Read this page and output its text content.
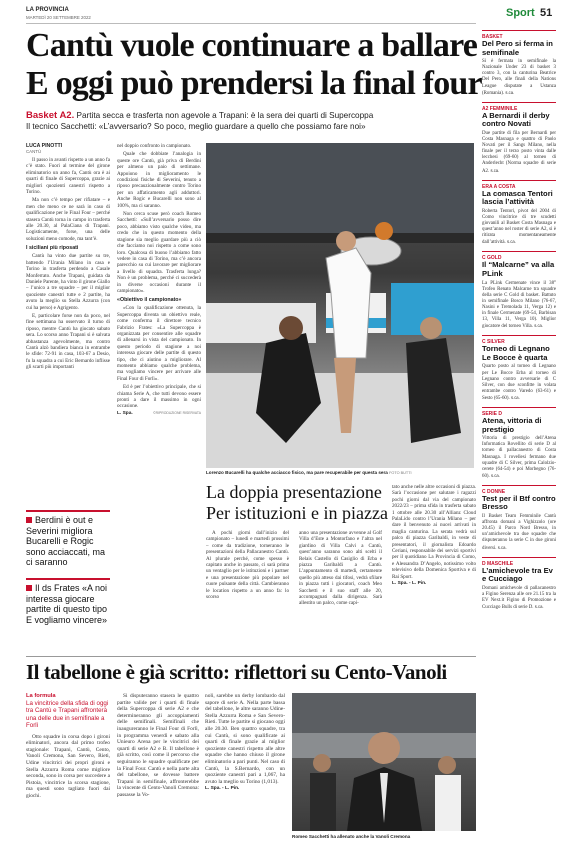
LA PROVINCIA
MARTEDÌ 20 SETTEMBRE 2022	Sport 51
Cantù vuole continuare a ballare
E oggi può prendersi la final four
Basket A2. Partita secca e trasferta non agevole a Trapani: è la sera dei quarti di Supercoppa
Il tecnico Sacchetti: «L’avversario? So poco, meglio guardare a quello che possiamo fare noi»
LUCA PINOTTI
CANTÙ

Il passo in avanti rispetto a un anno fa c’è stato. Fuori al termine del girone eliminatorio un anno fa, Cantù ora è ai quarti di finale di Supercoppa, grazie ai migliori quozienti canestri rispetto a Torino.

Ma non c’è tempo per rifiatare – e men che meno ce ne sarà in caso di qualificazione per le Final Four – perché stasera Cantù torna in campo in trasferta alle 20.30, al PalaCiana di Trapani. Logisticamente, forse, una delle soluzioni meno comode, ma tant’è.

I siciliani più riposati

Cantù ha vinto due partite su tre, battendo l’Urania Milano in casa e Torino in trasferta perdendo a Casale Monferrato. Anche Trapani, guidata da Daniele Parente, ha vinto il girone Giallo – l’unico a tre squadre – per il miglior quoziente canestri tutte e 2 partite, ha avuto la meglio su Stella Azzurra (con cui ha perso) e Agrigento.

E, particolare forse non da poco, nel fine settimana ha osservato il turno di riposo, mentre Cantù ha giocato sabato sera. Lo scorso anno Trapani si è salvata abbastanza agevolmente, ma contro Cantù alzò bandiera bianca in entrambe le sfide: 72-91 in casa, 103-67 a Desio, fu la squadra a cui Eric Bernardo inflisse gli scarti più importanti

Berdini è out e Severini migliora Bucarelli e Rogic sono acciaccati, ma ci saranno
Il ds Frates «A noi interessa giocare partite di questo tipo E vogliamo vincere»

nel doppio confronto in campionato.

Quale che dobbiate l’analogia in queste ore Cantù, già priva di Berdini per almeno un paio di settimane. Appoiono in miglioramento le condizioni fisiche di Severini, tenuto a riposo precauzionalmente contro Torino per un affaticamento agli adduttori. Anche Rogic e Bucarelli non sono al 100%, ma ci saranno.

Non cerca scuse però coach Romeo Sacchetti: «Sull’avversario posso dire poco, abbiamo visto qualche video, ma credo che in questo momento della stagione sia meglio guardare più a ciò che facciamo noi rispetto a come sono loro. Qualcosa di buono l’abbiamo fatto vedere in casa di Torino, ma c’è ancora parecchio su cui lavorare per migliorare a livello di squadra. Trasferta lunga? Non è un problema, perché ci succederà in diverse occasioni durante il campionato».

«Obiettivo il campionato»

«Con la qualificazione ottenuta, la Supercoppa diventa un obiettivo reale, come conferma il direttore tecnico Fabrizio Frates: «La Supercoppa è organizzata per consentire alle squadre di allenarsi in vista del campionato. In questo periodo di stagione a noi interessa giocare delle partite di questo tipo, che ci aiutino a migliorare. Al momento abbiamo qualche problema, ma vogliamo vincere per arrivare alle Final Four di Forlì».

Ed è per l’obiettivo principale, che si chiama Serie A, che tutti devono essere pronti a dare il massimo in ogni occasione.

L. Spa.	©RIPRODUZIONE RISERVATA
Lorenzo Bucarelli ha qualche acciacco fisico, ma pare recuperabile per questa sera FOTO BUTTI
La doppia presentazione
Per istituzioni e in piazza

A pochi giorni dall’inizio del campionato – lunedì e martedì prossimi – come da tradizione, torneranno le presentazioni della Pallacanestro Cantù. Al plurale perché, come spesso è capitato anche in passato, ci sarà prima un ventaglio per le istituzioni e i partner e una presentazione più popolare nel cuore pulsante della città. Cambieranno le location rispetto a un anno fa: lo scorso

anno una presentazione avvenne al Golf Villa d’Este a Montorfano e l’altra nel giardino di Villa Calvi a Cantù, quest’anno saranno sono alti scelti il Relais Castello di Casiglio di Erba e piazza Garibaldi a Cantù. L’appuntamento di martedì, certamente quello più atteso dai tifosi, vedrà sfilare in piazza tutti i giocatori, coach Meo Sacchetti e il suo staff alle 20, accompagnati dalla dirigenza. Sarà allestito un palco, come capi-

tato anche nelle altre occasioni di piazza. Sarà l’occasione per salutare i ragazzi pochi giorni dal via del campionato 2022/23 – prima sfida in trasferta sabato 1 ottobre alle 20.30 all’Allianz Cloud PalaLido contro l’Urania Milano – per dare il benvenuto ai nuovi arrivati in maglia canturina. La serata vedrà sul palco di piazza Garibaldi, in veste di presentatori, il giornalista Edoardo Ceriani, responsabile dei servizi sportivi per il quotidiano La Provincia di Como, e Alessandra D’Angelo, notissimo volto televisivo della Domenica Sportiva e di Rai Sport.

L. Spa. - L. Pin.
Il tabellone è già scritto: riflettori su Cento-Vanoli
La formula
La vincitrice della sfida di oggi tra Cantù e Trapani affronterà una delle due in semifinale a Forlì

Otto squadre in corsa dopo i gironi eliminatori, ancora dal primo trofeo stagionale: Trapani, Cantù, Cento, Vanoli Cremona, San Severo, Rieti, Udine vincitrici dei propri gironi e Stella Azzurra Roma come migliore seconda, sono in corsa per succedere a Pistoia, vincitrice la scorsa stagione, ma questi sono tagliato fuori dai giochi.

Si disputeranno stasera le quattro partite valide per i quarti di finale della Supercoppa di serie A2 e che determineranno gli accoppiamenti delle semifinali. Semifinali che inaugureranno le Final Four di Forlì, in programma venerdì e sabato alla Unieuro Arena per le vincitrici dei quarti di serie A2 e B. Il tabellone è già scritto, così come il percorso che seguiranno le squadre qualificate per la Final Four. Cantù e nella parte alta del tabellone, se dovesse battere Trapani in semifinale, affronterebbe la vincente di Cento-Vanoli Cremona: passasse la Vo-

noli, sarebbe un derby lombardo dal sapore di serie A. Nella parte bassa del tabellone, le altre saranno Udine-Stella Azzurra Roma e San Severo-Rieti. Tutte le partite si giocano oggi alle 20.30. Ben quattro squadre, tra cui Cantù, si sono qualificate ai quarti di finale grazie al miglior quoziente canestri rispetto alle altre squadre che hanno chiuso il girone eliminatorio a pari punti. Nel caso di Cantù, la S.Bernardo, con un quoziente canestri pari a 1,067, ha avuto la meglio su Torino (1,013).

L. Spa. - L. Pin.
Romeo Sacchetti ha allenato anche la Vanoli Cremona
BASKET
Del Pero si ferma in semifinale

Si è fermata in semifinale la Nazionale Under 23 di basket 3 contro 3, con la canturina Beatrice Del Pero, alle finali della Nations League disputate a Ustanza (Romania). s.ca.

A2 FEMMINILE
A Bernardi il derby contro Novati

Due partite di fila per Bernardi per Costa Masnaga e quattro di Paolo Novati per il Sangs Milano, nella finale per il terzo posto vinta dalle lecchesi (69-60) al torneo di Anderlecht (Norma squadre di serie A2. s.ca.

ERA A COSTA
La comasca Tentori lascia l’attività

Roberta Tentori, pivot del 2004 di Como vincitrice di tre scudetti giovanili al Basket Costa Masnaga e quest’anno nel roster di serie A2, si è ritirata momentaneamente dall’attività. s.ca.

C GOLD
Il “Malcarne” va alla PLink

La PLink Cermenate vince il 38° Trofeo Renato Malcarne tra squadre della serie C Gold di basket. Battuto in semifinale Bosco Milano (76-67, Nasini e Tremolada 11, Verga 12) e in finale Cermenate (69-54, Barbisan 13, Villa 11, Verga 10). Miglior giocatore del torneo Villa. s.ca.

C SILVER
Torneo di Legnano Le Bocce è quarta

Quarto posto al torneo di Legnano per Le Bocce Erba al torneo di Legnano contro avversarie di C Silver, con due sconfitte in volata entrambe contro Varedo (63-61) e Sesto (65-60). s.ca.

SERIE D
Atena, vittoria di prestigio

Vittoria di prestigio dell’Atena Informatica Rovellito di serie D al torneo di pallacanestro di Costa Masnaga. I rovellesi fermano due squadre di C Silver, prima Calolzio-cerete (64-54) e poi Morbegno (76-60). s.ca.

C DONNE
Test per il Btf contro Bresso

Il Basket Team Femminile Cantù affronta domani a Vighizzolo (ore 20.45) il Parco Nord Bresso, in un’amichevole tra due squadre che disputeranno la serie C in due gironi diversi. s.ca.

D MASCHILE
L’amichevole tra Ev e Cucciago

Domani amichevole di pallacanestro a Figino Serenza alle ore 21.15 tra la EV Next.it Figino di Promozione e Cucciago Bulls di serie D. s.ca.
